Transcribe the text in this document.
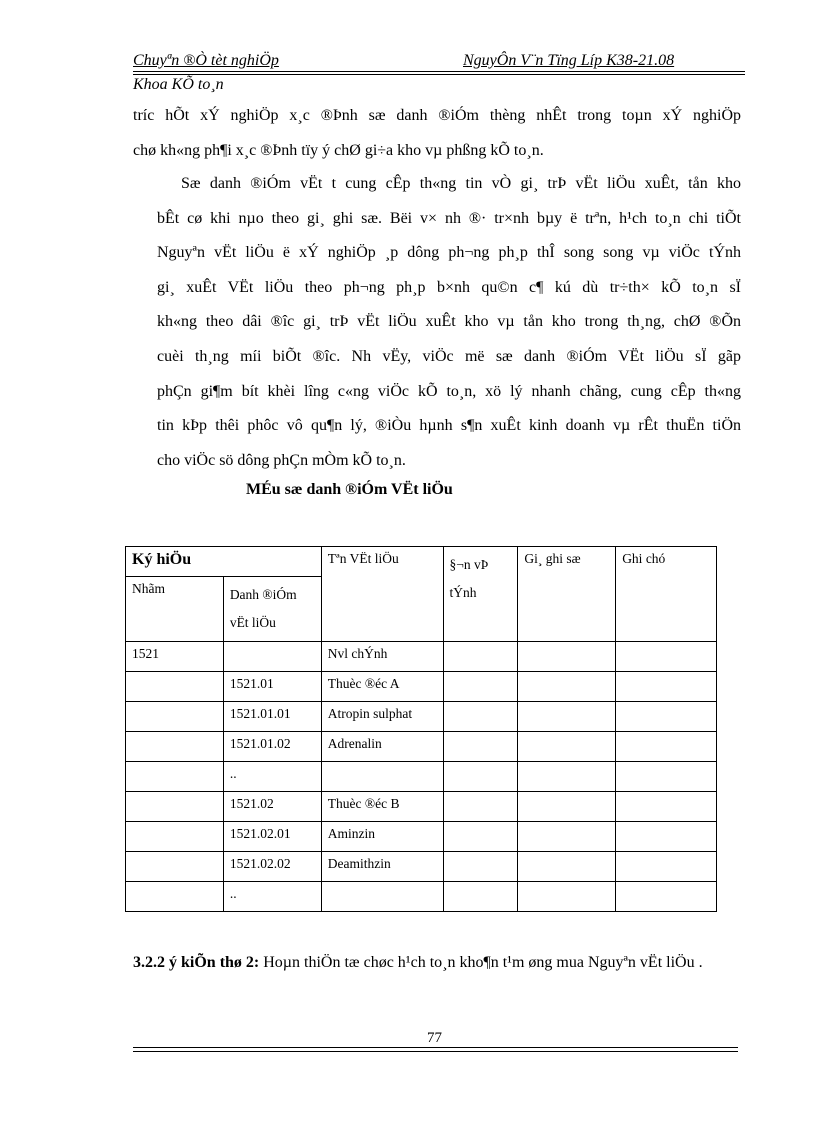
Chuyªn ®Ò tèt nghiÖp	NguyÔn V¨n Tïng Líp K38-21.08
Khoa KÕ to¸n
tríc hÕt xÝ nghiÖp x¸c ®Þnh sæ danh ®iÓm thèng nhÊt trong toµn xÝ nghiÖp
chø kh«ng ph¶i x¸c ®Þnh tïy ý chØ gi÷a kho vµ phßng kÕ to¸n.
Sæ danh ®iÓm vËt t cung cÊp th«ng tin vÒ gi¸ trÞ vËt liÖu xuÊt, tån kho
bÊt cø khi nµo theo gi¸ ghi sæ. Bëi v× nh ®· tr×nh bµy ë trªn, h¹ch to¸n chi tiÕt
Nguyªn vËt liÖu ë xÝ nghiÖp ¸p dông ph¬ng ph¸p thÎ song song vµ viÖc tÝnh
gi¸ xuÊt VËt liÖu theo ph¬ng ph¸p b×nh qu©n c¶ kú dù tr÷th× kÕ to¸n sÏ
kh«ng theo dâi ®îc gi¸ trÞ vËt liÖu xuÊt kho vµ tån kho trong th¸ng, chØ ®Õn
cuèi th¸ng míi biÕt ®îc. Nh vËy, viÖc më sæ danh ®iÓm VËt liÖu sÏ gãp
phÇn gi¶m bít khèi lîng c«ng viÖc kÕ to¸n, xö lý nhanh chãng, cung cÊp th«ng
tin kÞp thêi phôc vô qu¶n lý, ®iÒu hµnh s¶n xuÊt kinh doanh vµ rÊt thuËn tiÖn
cho viÖc sö dông phÇn mÒm kÕ to¸n.
MÉu sæ danh ®iÓm VËt liÖu
Ký hiÖu		Tªn VËt liÖu	§¬n vÞ tÝnh	Gi¸ ghi sæ	Ghi chó
Nhãm	Danh ®iÓm vËt liÖu				
1521		Nvl chÝnh			
	1521.01	Thuèc ®éc A			
	1521.01.01	Atropin sulphat			
	1521.01.02	Adrenalin			
	..				
	1521.02	Thuèc ®éc B			
	1521.02.01	Aminzin			
	1521.02.02	Deamithzin			
	..				
3.2.2 ý kiÕn thø 2: Hoµn thiÖn tæ chøc h¹ch to¸n kho¶n t¹m øng mua Nguyªn vËt liÖu .
77
